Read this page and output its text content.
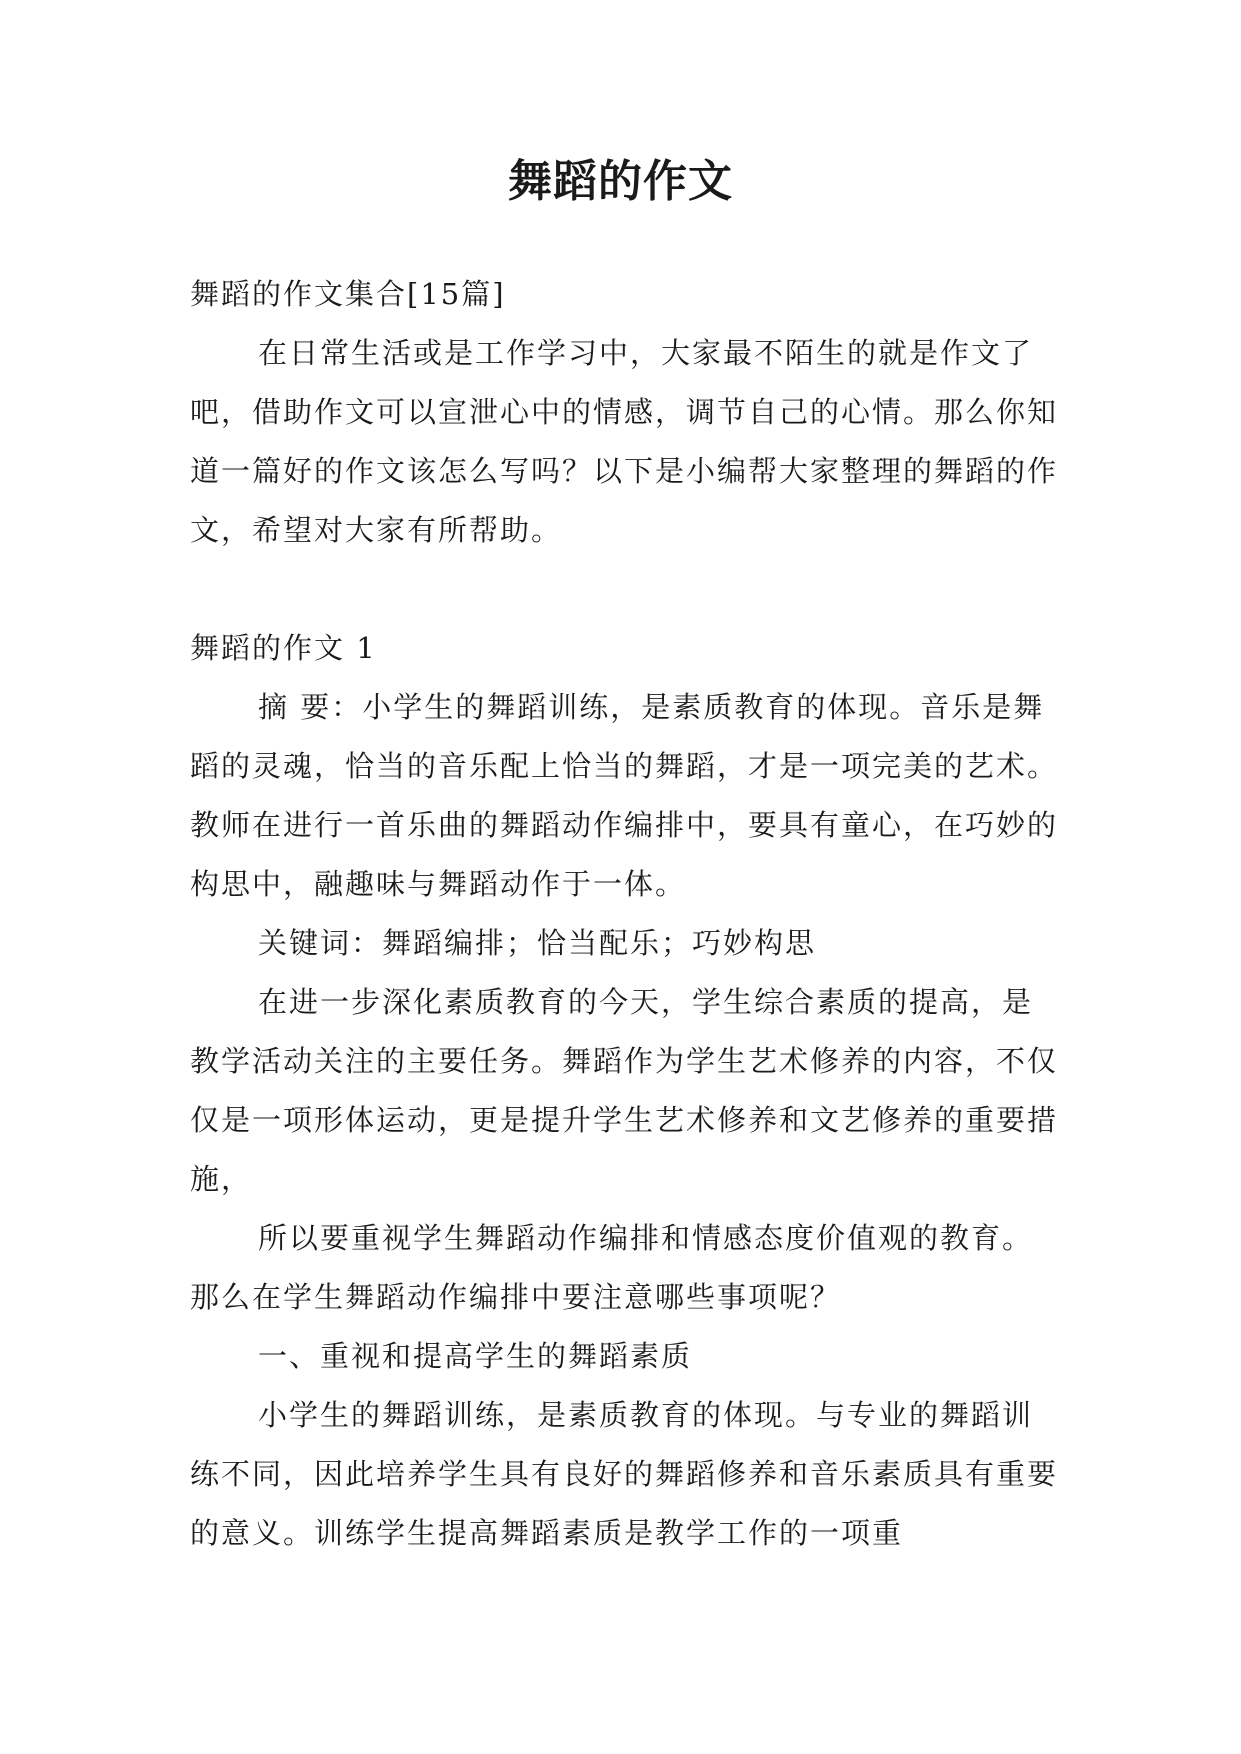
舞蹈的作文

舞蹈的作文集合[15篇]

在日常生活或是工作学习中，大家最不陌生的就是作文了吧，借助作文可以宣泄心中的情感，调节自己的心情。那么你知道一篇好的作文该怎么写吗？以下是小编帮大家整理的舞蹈的作文，希望对大家有所帮助。

舞蹈的作文 1

摘 要：小学生的舞蹈训练，是素质教育的体现。音乐是舞蹈的灵魂，恰当的音乐配上恰当的舞蹈，才是一项完美的艺术。教师在进行一首乐曲的舞蹈动作编排中，要具有童心，在巧妙的构思中，融趣味与舞蹈动作于一体。

关键词：舞蹈编排；恰当配乐；巧妙构思

在进一步深化素质教育的今天，学生综合素质的提高，是教学活动关注的主要任务。舞蹈作为学生艺术修养的内容，不仅仅是一项形体运动，更是提升学生艺术修养和文艺修养的重要措施，

所以要重视学生舞蹈动作编排和情感态度价值观的教育。那么在学生舞蹈动作编排中要注意哪些事项呢？

一、重视和提高学生的舞蹈素质

小学生的舞蹈训练，是素质教育的体现。与专业的舞蹈训练不同，因此培养学生具有良好的舞蹈修养和音乐素质具有重要的意义。训练学生提高舞蹈素质是教学工作的一项重
